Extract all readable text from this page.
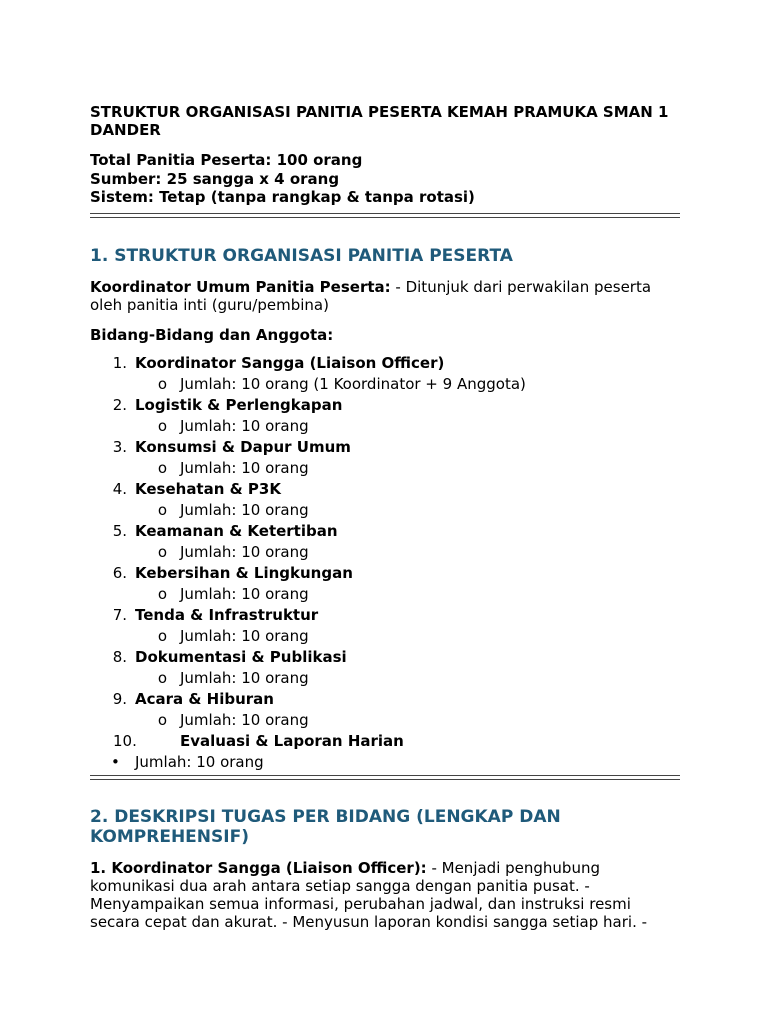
STRUKTUR ORGANISASI PANITIA PESERTA KEMAH PRAMUKA SMAN 1 DANDER

Total Panitia Peserta: 100 orang
Sumber: 25 sangga x 4 orang
Sistem: Tetap (tanpa rangkap & tanpa rotasi)
1. STRUKTUR ORGANISASI PANITIA PESERTA

Koordinator Umum Panitia Peserta: - Ditunjuk dari perwakilan peserta oleh panitia inti (guru/pembina)

Bidang-Bidang dan Anggota:

1. Koordinator Sangga (Liaison Officer)
o Jumlah: 10 orang (1 Koordinator + 9 Anggota)
2. Logistik & Perlengkapan
o Jumlah: 10 orang
3. Konsumsi & Dapur Umum
o Jumlah: 10 orang
4. Kesehatan & P3K
o Jumlah: 10 orang
5. Keamanan & Ketertiban
o Jumlah: 10 orang
6. Kebersihan & Lingkungan
o Jumlah: 10 orang
7. Tenda & Infrastruktur
o Jumlah: 10 orang
8. Dokumentasi & Publikasi
o Jumlah: 10 orang
9. Acara & Hiburan
o Jumlah: 10 orang
10.	Evaluasi & Laporan Harian
•	Jumlah: 10 orang
2. DESKRIPSI TUGAS PER BIDANG (LENGKAP DAN KOMPREHENSIF)

1. Koordinator Sangga (Liaison Officer): - Menjadi penghubung komunikasi dua arah antara setiap sangga dengan panitia pusat. - Menyampaikan semua informasi, perubahan jadwal, dan instruksi resmi secara cepat dan akurat. - Menyusun laporan kondisi sangga setiap hari. -
